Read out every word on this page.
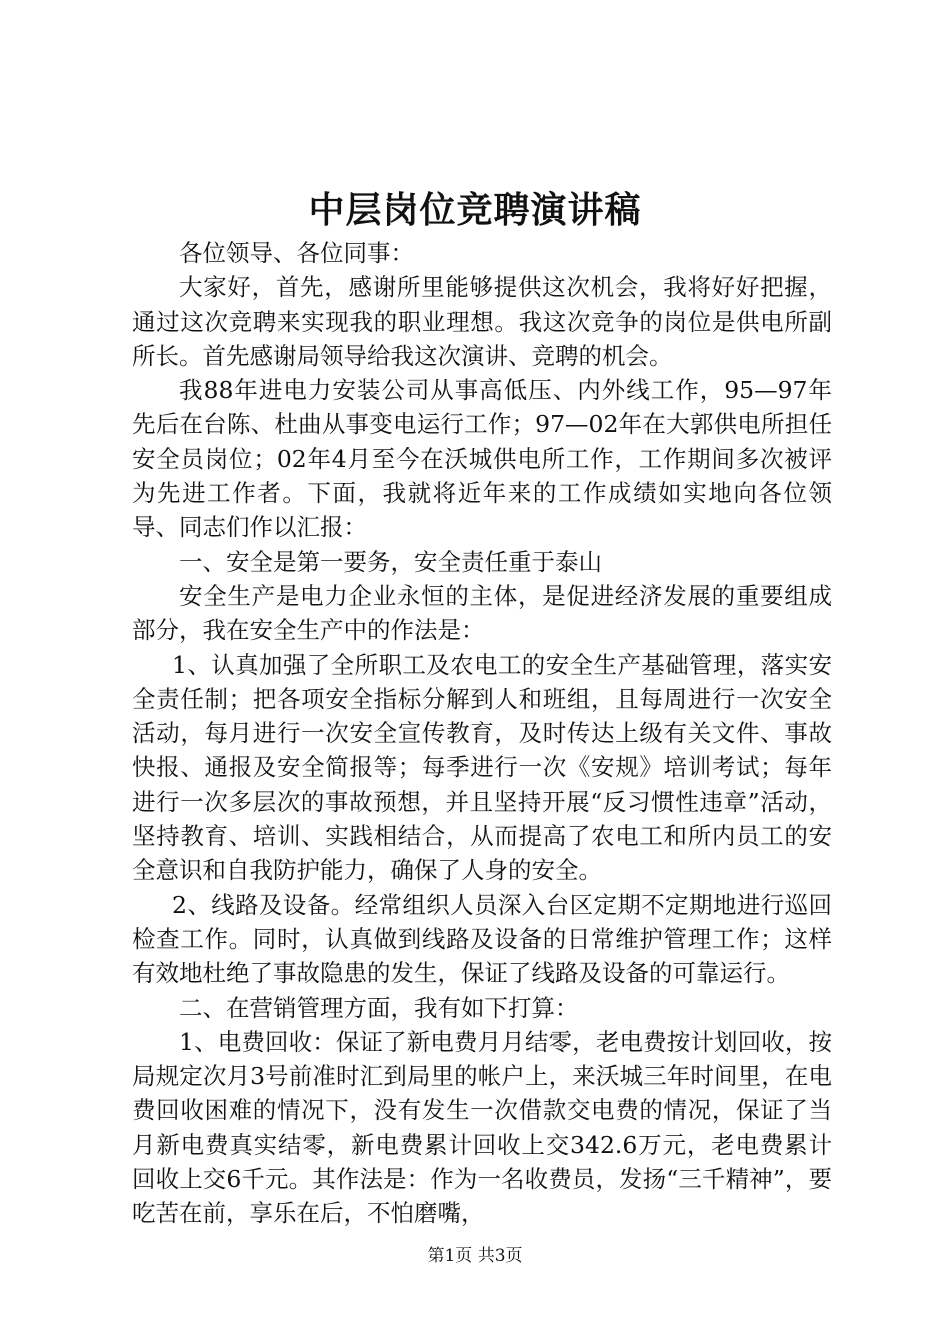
中层岗位竞聘演讲稿

各位领导、各位同事：

大家好，首先，感谢所里能够提供这次机会，我将好好把握，通过这次竞聘来实现我的职业理想。我这次竞争的岗位是供电所副所长。首先感谢局领导给我这次演讲、竞聘的机会。

我88年进电力安装公司从事高低压、内外线工作，95—97年先后在台陈、杜曲从事变电运行工作；97—02年在大郭供电所担任安全员岗位；02年4月至今在沃城供电所工作，工作期间多次被评为先进工作者。下面，我就将近年来的工作成绩如实地向各位领导、同志们作以汇报：

一、安全是第一要务，安全责任重于泰山

安全生产是电力企业永恒的主体，是促进经济发展的重要组成部分，我在安全生产中的作法是：

1、认真加强了全所职工及农电工的安全生产基础管理，落实安全责任制；把各项安全指标分解到人和班组，且每周进行一次安全活动，每月进行一次安全宣传教育，及时传达上级有关文件、事故快报、通报及安全简报等；每季进行一次《安规》培训考试；每年进行一次多层次的事故预想，并且坚持开展“反习惯性违章”活动，坚持教育、培训、实践相结合，从而提高了农电工和所内员工的安全意识和自我防护能力，确保了人身的安全。

2、线路及设备。经常组织人员深入台区定期不定期地进行巡回检查工作。同时，认真做到线路及设备的日常维护管理工作；这样有效地杜绝了事故隐患的发生，保证了线路及设备的可靠运行。

二、在营销管理方面，我有如下打算：

1、电费回收：保证了新电费月月结零，老电费按计划回收，按局规定次月3号前准时汇到局里的帐户上，来沃城三年时间里，在电费回收困难的情况下，没有发生一次借款交电费的情况，保证了当月新电费真实结零，新电费累计回收上交342.6万元，老电费累计回收上交6千元。其作法是：作为一名收费员，发扬“三千精神”，要吃苦在前，享乐在后，不怕磨嘴，

第1页 共3页
